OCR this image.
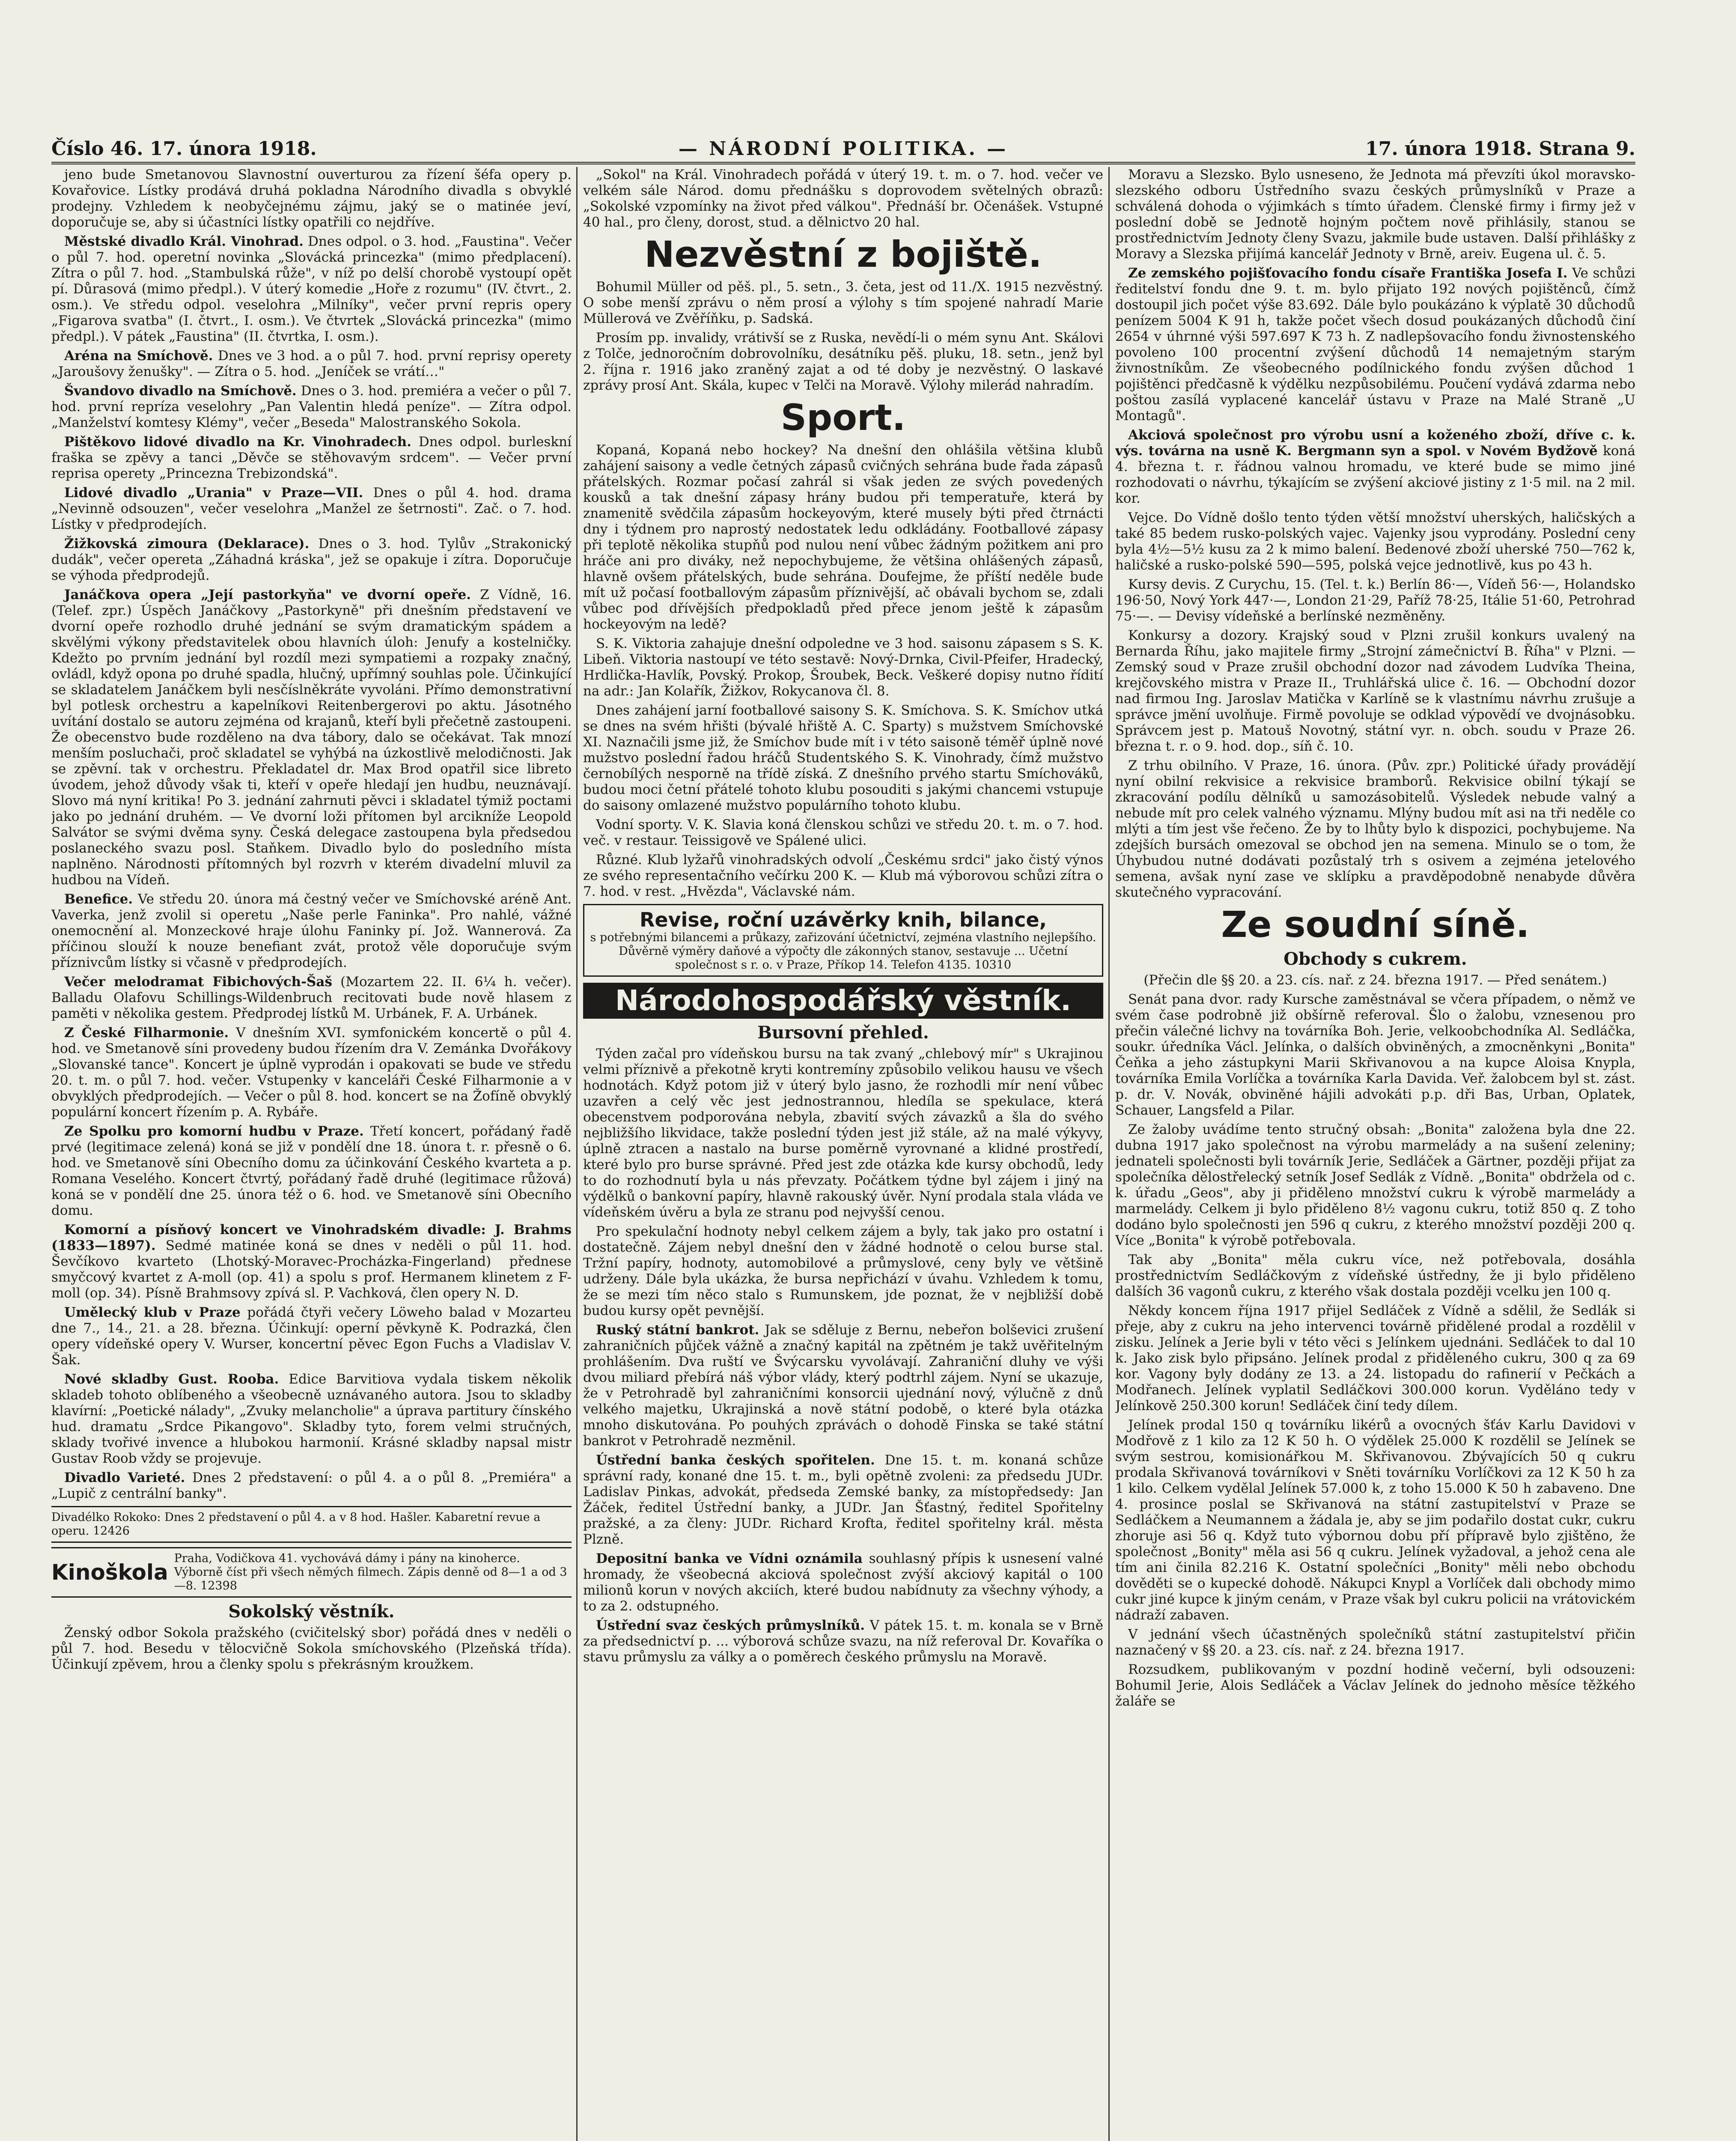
Číslo 46. 17. února 1918.	— NÁRODNÍ POLITIKA. —	17. února 1918. Strana 9.

jeno bude Smetanovou Slavnostní ouverturou za řízení šéfa opery p. Kovařovice. Lístky prodává druhá pokladna Národního divadla s obvyklé prodejny. Vzhledem k neobyčejnému zájmu, jaký se o matinée jeví, doporučuje se, aby si účastníci lístky opatřili co nejdříve.

Městské divadlo Král. Vinohrad. Dnes odpol. o 3. hod. „Faustina". Večer o půl 7. hod. operetní novinka „Slovácká princezka" (mimo předplacení). Zítra o půl 7. hod. „Stambulská růže", v níž po delší chorobě vystoupí opět pí. Důrasová (mimo předpl.). V úterý komedie „Hoře z rozumu" (IV. čtvrt., 2. osm.). Ve středu odpol. veselohra „Milníky", večer první repris opery „Figarova svatba" (I. čtvrt., I. osm.). Ve čtvrtek „Slovácká princezka" (mimo předpl.). V pátek „Faustina" (II. čtvrtka, I. osm.).

Aréna na Smíchově. Dnes ve 3 hod. a o půl 7. hod. první reprisy operety „Jaroušovy ženušky". — Zítra o 5. hod. „Jeníček se vrátí…"

Švandovo divadlo na Smíchově. Dnes o 3. hod. premiéra a večer o půl 7. hod. první repríza veselohry „Pan Valentin hledá peníze". — Zítra odpol. „Manželství komtesy Klémy", večer „Beseda" Malostranského Sokola.

Pištěkovo lidové divadlo na Kr. Vinohradech. Dnes odpol. burleskní fraška se zpěvy a tanci „Děvče se stěhovavým srdcem". — Večer první reprisa operety „Princezna Trebizondská".

Lidové divadlo „Urania" v Praze—VII. Dnes o půl 4. hod. drama „Nevinně odsouzen", večer veselohra „Manžel ze šetrnosti". Zač. o 7. hod. Lístky v předprodejích.

Žižkovská zimoura (Deklarace). Dnes o 3. hod. Tylův „Strakonický dudák", večer opereta „Záhadná kráska", jež se opakuje i zítra. Doporučuje se výhoda předprodejů.

Janáčkova opera „Její pastorkyňa" ve dvorní opeře. Z Vídně, 16. (Telef. zpr.) Úspěch Janáčkovy „Pastorkyně" při dnešním představení ve dvorní opeře rozhodlo druhé jednání se svým dramatickým spádem a skvělými výkony představitelek obou hlavních úloh: Jenufy a kostelničky. Kdežto po prvním jednání byl rozdíl mezi sympatiemi a rozpaky značný, ovládl, když opona po druhé spadla, hlučný, upřímný souhlas pole. Účinkující se skladatelem Janáčkem byli nesčíslněkráte vyvoláni. Přímo demonstrativní byl potlesk orchestru a kapelníkovi Reitenbergerovi po aktu. Jásotného uvítání dostalo se autoru zejména od krajanů, kteří byli přečetně zastoupeni. Že obecenstvo bude rozděleno na dva tábory, dalo se očekávat. Tak mnozí menším posluchači, proč skladatel se vyhýbá na úzkostlivě melodičnosti. Jak se zpěvní. tak v orchestru. Překladatel dr. Max Brod opatřil sice libreto úvodem, jehož důvody však ti, kteří v opeře hledají jen hudbu, neuznávají. Slovo má nyní kritika! Po 3. jednání zahrnuti pěvci i skladatel týmiž poctami jako po jednání druhém. — Ve dvorní loži přítomen byl arcikníže Leopold Salvátor se svými dvěma syny. Česká delegace zastoupena byla předsedou poslaneckého svazu posl. Staňkem. Divadlo bylo do posledního místa naplněno. Národnosti přítomných byl rozvrh v kterém divadelní mluvil za hudbou na Vídeň.

Benefice. Ve středu 20. února má čestný večer ve Smíchovské aréně Ant. Vaverka, jenž zvolil si operetu „Naše perle Faninka". Pro nahlé, vážné onemocnění al. Monzeckové hraje úlohu Faninky pí. Jož. Wannerová. Za příčinou slouží k nouze benefiant zvát, protož věle doporučuje svým příznivcům lístky si včasně v předprodejích.

Večer melodramat Fibichových-Šaš (Mozartem 22. II. 6¼ h. večer). Balladu Olafovu Schillings-Wildenbruch recitovati bude nově hlasem z paměti v několika gestem. Předprodej lístků M. Urbánek, F. A. Urbánek.

Z České Filharmonie. V dnešním XVI. symfonickém koncertě o půl 4. hod. ve Smetanově síni provedeny budou řízením dra V. Zemánka Dvořákovy „Slovanské tance". Koncert je úplně vyprodán i opakovati se bude ve středu 20. t. m. o půl 7. hod. večer. Vstupenky v kanceláři České Filharmonie a v obvyklých předprodejích. — Večer o půl 8. hod. koncert se na Žofíně obvyklý populární koncert řízením p. A. Rybáře.

Ze Spolku pro komorní hudbu v Praze. Třetí koncert, pořádaný řadě prvé (legitimace zelená) koná se již v pondělí dne 18. února t. r. přesně o 6. hod. ve Smetanově síni Obecního domu za účinkování Českého kvarteta a p. Romana Veselého. Koncert čtvrtý, pořádaný řadě druhé (legitimace růžová) koná se v pondělí dne 25. února též o 6. hod. ve Smetanově síni Obecního domu.

Komorní a písňový koncert ve Vinohradském divadle: J. Brahms (1833—1897). Sedmé matinée koná se dnes v neděli o půl 11. hod. Ševčíkovo kvarteto (Lhotský-Moravec-Procházka-Fingerland) přednese smyčcový kvartet z A-moll (op. 41) a spolu s prof. Hermanem klinetem z F-moll (op. 34). Písně Brahmsovy zpívá sl. P. Vachková, člen opery N. D.

Umělecký klub v Praze pořádá čtyři večery Löweho balad v Mozarteu dne 7., 14., 21. a 28. března. Účinkují: operní pěvkyně K. Podrazká, člen opery vídeňské opery V. Wurser, koncertní pěvec Egon Fuchs a Vladislav V. Šak.

Nové skladby Gust. Rooba. Edice Barvitiova vydala tiskem několik skladeb tohoto oblíbeného a všeobecně uznávaného autora. Jsou to skladby klavírní: „Poetické nálady", „Zvuky melancholie" a úprava partitury čínského hud. dramatu „Srdce Pikangovo". Skladby tyto, forem velmi stručných, sklady tvořivé invence a hlubokou harmonií. Krásné skladby napsal mistr Gustav Roob vždy se projevuje.

Divadlo Varieté. Dnes 2 představení: o půl 4. a o půl 8. „Premiéra" a „Lupič z centrální banky".

Divadélko Rokoko: Dnes 2 představení o půl 4. a v 8 hod. Hašler. Kabaretní revue a operu. 12426
Kinoškola
Praha, Vodičkova 41. vychovává dámy i pány na kinoherce. Výborně číst při všech němých filmech. Zápis denně od 8—1 a od 3—8. 12398
Sokolský věstník.

Ženský odbor Sokola pražského (cvičitelský sbor) pořádá dnes v neděli o půl 7. hod. Besedu v tělocvičně Sokola smíchovského (Plzeňská třída). Účinkují zpěvem, hrou a členky spolu s překrásným kroužkem.

„Sokol" na Král. Vinohradech pořádá v úterý 19. t. m. o 7. hod. večer ve velkém sále Národ. domu přednášku s doprovodem světelných obrazů: „Sokolské vzpomínky na život před válkou". Přednáší br. Očenášek. Vstupné 40 hal., pro členy, dorost, stud. a dělnictvo 20 hal.

Nezvěstní z bojiště.

Bohumil Müller od pěš. pl., 5. setn., 3. četa, jest od 11./X. 1915 nezvěstný. O sobe menší zprávu o něm prosí a výlohy s tím spojené nahradí Marie Müllerová ve Zvěříňku, p. Sadská.

Prosím pp. invalidy, vrátivší se z Ruska, nevědí-li o mém synu Ant. Skálovi z Tolče, jednoročním dobrovolníku, desátníku pěš. pluku, 18. setn., jenž byl 2. října r. 1916 jako zraněný zajat a od té doby je nezvěstný. O laskavé zprávy prosí Ant. Skála, kupec v Telči na Moravě. Výlohy milerád nahradím.

Sport.

Kopaná, Kopaná nebo hockey? Na dnešní den ohlášila většina klubů zahájení saisony a vedle četných zápasů cvičných sehrána bude řada zápasů přátelských. Rozmar počasí zahrál si však jeden ze svých povedených kousků a tak dnešní zápasy hrány budou při temperatuře, která by znamenitě svědčila zápasům hockeyovým, které musely býti před čtrnácti dny i týdnem pro naprostý nedostatek ledu odkládány. Footballové zápasy při teplotě několika stupňů pod nulou není vůbec žádným požitkem ani pro hráče ani pro diváky, než nepochybujeme, že většina ohlášených zápasů, hlavně ovšem přátelských, bude sehrána. Doufejme, že příští neděle bude mít už počasí footballovým zápasům příznivější, ač obávali bychom se, zdali vůbec pod dřívějších předpokladů před přece jenom ještě k zápasům hockeyovým na ledě?

S. K. Viktoria zahajuje dnešní odpoledne ve 3 hod. saisonu zápasem s S. K. Libeň. Viktoria nastoupí ve této sestavě: Nový-Drnka, Civil-Pfeifer, Hradecký, Hrdlička-Havlík, Povský. Prokop, Šroubek, Beck. Veškeré dopisy nutno řídití na adr.: Jan Kolařík, Žižkov, Rokycanova čl. 8.

Dnes zahájení jarní footballové saisony S. K. Smíchova. S. K. Smíchov utká se dnes na svém hřišti (bývalé hřiště A. C. Sparty) s mužstvem Smíchovské XI. Naznačili jsme již, že Smíchov bude mít i v této saisoně téměř úplně nové mužstvo poslední řadou hráčů Studentského S. K. Vinohrady, čímž mužstvo černobílých nesporně na třídě získá. Z dnešního prvého startu Smíchováků, budou moci četní přátelé tohoto klubu posouditi s jakými chancemi vstupuje do saisony omlazené mužstvo populárního tohoto klubu.

Vodní sporty. V. K. Slavia koná členskou schůzi ve středu 20. t. m. o 7. hod. več. v restaur. Teissigově ve Spálené ulici.

Různé. Klub lyžařů vinohradských odvolí „Českému srdci" jako čistý výnos ze svého representačního večírku 200 K. — Klub má výborovou schůzi zítra o 7. hod. v rest. „Hvězda", Václavské nám.

Revise, roční uzávěrky knih, bilance,
s potřebnými bilancemi a průkazy, zařizování účetnictví, zejména vlastního nejlepšího. Důvěrně výměry daňové a výpočty dle zákonných stanov, sestavuje ... Učetní společnost s r. o. v Praze, Příkop 14. Telefon 4135. 10310
Národohospodářský věstník.
Bursovní přehled.

Týden začal pro vídeňskou bursu na tak zvaný „chlebový mír" s Ukrajinou velmi příznivě a překotně kryti kontremíny způsobilo velikou hausu ve všech hodnotách. Když potom již v úterý bylo jasno, že rozhodli mír není vůbec uzavřen a celý věc jest jednostrannou, hledíla se spekulace, která obecenstvem podporována nebyla, zbavití svých závazků a šla do svého nejbližšího likvidace, takže poslední týden jest již stále, až na malé výkyvy, úplně ztracen a nastalo na burse poměrně vyrovnané a klidné prostředí, které bylo pro burse správné. Před jest zde otázka kde kursy obchodů, ledy to do rozhodnutí byla u nás převzaty. Počátkem týdne byl zájem i jiný na výdělků o bankovní papíry, hlavně rakouský úvěr. Nyní prodala stala vláda ve vídeňském úvěru a byla ze stranu pod nejvyšší cenou.

Pro spekulační hodnoty nebyl celkem zájem a byly, tak jako pro ostatní i dostatečně. Zájem nebyl dnešní den v žádné hodnotě o celou burse stal. Tržní papíry, hodnoty, automobilové a průmyslové, ceny byly ve většině udrženy. Dále byla ukázka, že bursa nepřichází v úvahu. Vzhledem k tomu, že se mezi tím něco stalo s Rumunskem, jde poznat, že v nejbližší době budou kursy opět pevnější.

Ruský státní bankrot. Jak se sděluje z Bernu, nebeřon bolševici zrušení zahraničních půjček vážně a značný kapitál na zpětném je takž uvěřitelným prohlášením. Dva ruští ve Švýcarsku vyvolávají. Zahraniční dluhy ve výši dvou miliard přebírá náš výbor vlády, který podtrhl zájem. Nyní se ukazuje, že v Petrohradě byl zahraničními konsorcii ujednání nový, výlučně z dnů velkého majetku, Ukrajinská a nově státní podobě, o které byla otázka mnoho diskutována. Po pouhých zprávách o dohodě Finska se také státní bankrot v Petrohradě nezměnil.

Ústřední banka českých spořitelen. Dne 15. t. m. konaná schůze správní rady, konané dne 15. t. m., byli opětně zvoleni: za předsedu JUDr. Ladislav Pinkas, advokát, předseda Zemské banky, za místopředsedy: Jan Žáček, ředitel Ústřední banky, a JUDr. Jan Šťastný, ředitel Spořitelny pražské, a za členy: JUDr. Richard Krofta, ředitel spořitelny král. města Plzně.

Depositní banka ve Vídni oznámila souhlasný přípis k usnesení valné hromady, že všeobecná akciová společnost zvýší akciový kapitál o 100 milionů korun v nových akciích, které budou nabídnuty za všechny výhody, a to za 2. odstupného.

Ústřední svaz českých průmyslníků. V pátek 15. t. m. konala se v Brně za předsednictví p. ... výborová schůze svazu, na níž referoval Dr. Kovaříka o stavu průmyslu za války a o poměrech českého průmyslu na Moravě.

Moravu a Slezsko. Bylo usneseno, že Jednota má převzíti úkol moravsko-slezského odboru Ústředního svazu českých průmyslníků v Praze a schválená dohoda o výjimkách s tímto úřadem. Členské firmy i firmy jež v poslední době se Jednotě hojným počtem nově přihlásily, stanou se prostřednictvím Jednoty členy Svazu, jakmile bude ustaven. Další přihlášky z Moravy a Slezska přijímá kancelář Jednoty v Brně, areiv. Eugena ul. č. 5.

Ze zemského pojišťovacího fondu císaře Františka Josefa I. Ve schůzi ředitelství fondu dne 9. t. m. bylo přijato 192 nových pojištěnců, čímž dostoupil jich počet výše 83.692. Dále bylo poukázáno k výplatě 30 důchodů penízem 5004 K 91 h, takže počet všech dosud poukázaných důchodů činí 2654 v úhrnné výši 597.697 K 73 h. Z nadlepšovacího fondu živnostenského povoleno 100 procentní zvýšení důchodů 14 nemajetným starým živnostníkům. Ze všeobecného podílnického fondu zvýšen důchod 1 pojištěnci předčasně k výdělku nezpůsobilému. Poučení vydává zdarma nebo poštou zasílá vyplacené kancelář ústavu v Praze na Malé Straně „U Montagů".

Akciová společnost pro výrobu usní a koženého zboží, dříve c. k. výs. továrna na usně K. Bergmann syn a spol. v Novém Bydžově koná 4. března t. r. řádnou valnou hromadu, ve které bude se mimo jiné rozhodovati o návrhu, týkajícím se zvýšení akciové jistiny z 1·5 mil. na 2 mil. kor.

Vejce. Do Vídně došlo tento týden větší množství uherských, haličských a také 85 bedem rusko-polských vajec. Vajenky jsou vyprodány. Poslední ceny byla 4½—5½ kusu za 2 k mimo balení. Bedenové zboží uherské 750—762 k, haličské a rusko-polské 590—595, polská vejce jednotlivě, kus po 43 h.

Kursy devis. Z Curychu, 15. (Tel. t. k.) Berlín 86·—, Vídeň 56·—, Holandsko 196·50, Nový York 447·—, London 21·29, Paříž 78·25, Itálie 51·60, Petrohrad 75·—. — Devisy vídeňské a berlínské nezměněny.

Konkursy a dozory. Krajský soud v Plzni zrušil konkurs uvalený na Bernarda Říhu, jako majitele firmy „Strojní zámečnictví B. Říha" v Plzni. — Zemský soud v Praze zrušil obchodní dozor nad závodem Ludvíka Theina, krejčovského mistra v Praze II., Truhlářská ulice č. 16. — Obchodní dozor nad firmou Ing. Jaroslav Matička v Karlíně se k vlastnímu návrhu zrušuje a správce jmění uvolňuje. Firmě povoluje se odklad výpovědí ve dvojnásobku. Správcem jest p. Matouš Novotný, státní vyr. n. obch. soudu v Praze 26. března t. r. o 9. hod. dop., síň č. 10.

Z trhu obilního. V Praze, 16. února. (Pův. zpr.) Politické úřady provádějí nyní obilní rekvisice a rekvisice bramborů. Rekvisice obilní týkají se zkracování podílu dělníků u samozásobitelů. Výsledek nebude valný a nebude mít pro celek valného významu. Mlýny budou mít asi na tři neděle co mlýti a tím jest vše řečeno. Že by to lhůty bylo k dispozici, pochybujeme. Na zdejších bursách omezoval se obchod jen na semena. Minulo se o tom, že Úhybudou nutné dodávati pozůstalý trh s osivem a zejména jetelového semena, avšak nyní zase ve sklípku a pravděpodobně nenabyde důvěra skutečného vypracování.

Ze soudní síně.
Obchody s cukrem.

(Přečin dle §§ 20. a 23. cís. nař. z 24. března 1917. — Před senátem.)

Senát pana dvor. rady Kursche zaměstnával se včera případem, o němž ve svém čase podrobně již obšírně referoval. Šlo o žalobu, vznesenou pro přečin válečné lichvy na továrníka Boh. Jerie, velkoobchodníka Al. Sedláčka, soukr. úředníka Václ. Jelínka, o dalších obviněných, a zmocněnkyni „Bonita" Čeňka a jeho zástupkyni Marii Skřivanovou a na kupce Aloisa Knypla, továrníka Emila Vorlíčka a továrníka Karla Davida. Veř. žalobcem byl st. zást. p. dr. V. Novák, obviněné hájili advokáti p.p. dři Bas, Urban, Oplatek, Schauer, Langsfeld a Pilar.

Ze žaloby uvádíme tento stručný obsah: „Bonita" založena byla dne 22. dubna 1917 jako společnost na výrobu marmelády a na sušení zeleniny; jednateli společnosti byli továrník Jerie, Sedláček a Gärtner, později přijat za společníka dělostřelecký setník Josef Sedlák z Vídně. „Bonita" obdržela od c. k. úřadu „Geos", aby ji přiděleno množství cukru k výrobě marmelády a marmelády. Celkem ji bylo přiděleno 8½ vagonu cukru, totiž 850 q. Z toho dodáno bylo společnosti jen 596 q cukru, z kterého množství později 200 q. Více „Bonita" k výrobě potřebovala.

Tak aby „Bonita" měla cukru více, než potřebovala, dosáhla prostřednictvím Sedláčkovým z vídeňské ústředny, že ji bylo přiděleno dalších 36 vagonů cukru, z kterého však dostala později vcelku jen 100 q.

Někdy koncem října 1917 přijel Sedláček z Vídně a sdělil, že Sedlák si přeje, aby z cukru na jeho intervenci továrně přidělené prodal a rozdělil v zisku. Jelínek a Jerie byli v této věci s Jelínkem ujednáni. Sedláček to dal 10 k. Jako zisk bylo připsáno. Jelínek prodal z přiděleného cukru, 300 q za 69 kor. Vagony byly dodány ze 13. a 24. listopadu do rafinerií v Pečkách a Modřanech. Jelínek vyplatil Sedláčkovi 300.000 korun. Vyděláno tedy v Jelínkově 250.300 korun! Sedláček činí tedy dílem.

Jelínek prodal 150 q továrníku likérů a ovocných šťáv Karlu Davidovi v Modřově z 1 kilo za 12 K 50 h. O výdělek 25.000 K rozdělil se Jelínek se svým sestrou, komisionářkou M. Skřivanovou. Zbývajících 50 q cukru prodala Skřivanová továrníkovi v Sněti továrníku Vorlíčkovi za 12 K 50 h za 1 kilo. Celkem vydělal Jelínek 57.000 k, z toho 15.000 K 50 h zabaveno. Dne 4. prosince poslal se Skřivanová na státní zastupitelství v Praze se Sedláčkem a Neumannem a žádala je, aby se jim podařilo dostat cukr, cukru zhoruje asi 56 q. Když tuto výbornou dobu pří přípravě bylo zjištěno, že společnost „Bonity" měla asi 56 q cukru. Jelínek vyžadoval, a jehož cena ale tím ani činila 82.216 K. Ostatní společníci „Bonity" měli nebo obchodu dověděti se o kupecké dohodě. Nákupci Knypl a Vorlíček dali obchody mimo cukr jiné kupce k jiným cenám, v Praze však byl cukru policii na vrátovickém nádraží zabaven.

V jednání všech účastněných společníků státní zastupitelství přičin naznačený v §§ 20. a 23. cís. nař. z 24. března 1917.

Rozsudkem, publikovaným v pozdní hodině večerní, byli odsouzeni: Bohumil Jerie, Alois Sedláček a Václav Jelínek do jednoho měsíce těžkého žaláře se
